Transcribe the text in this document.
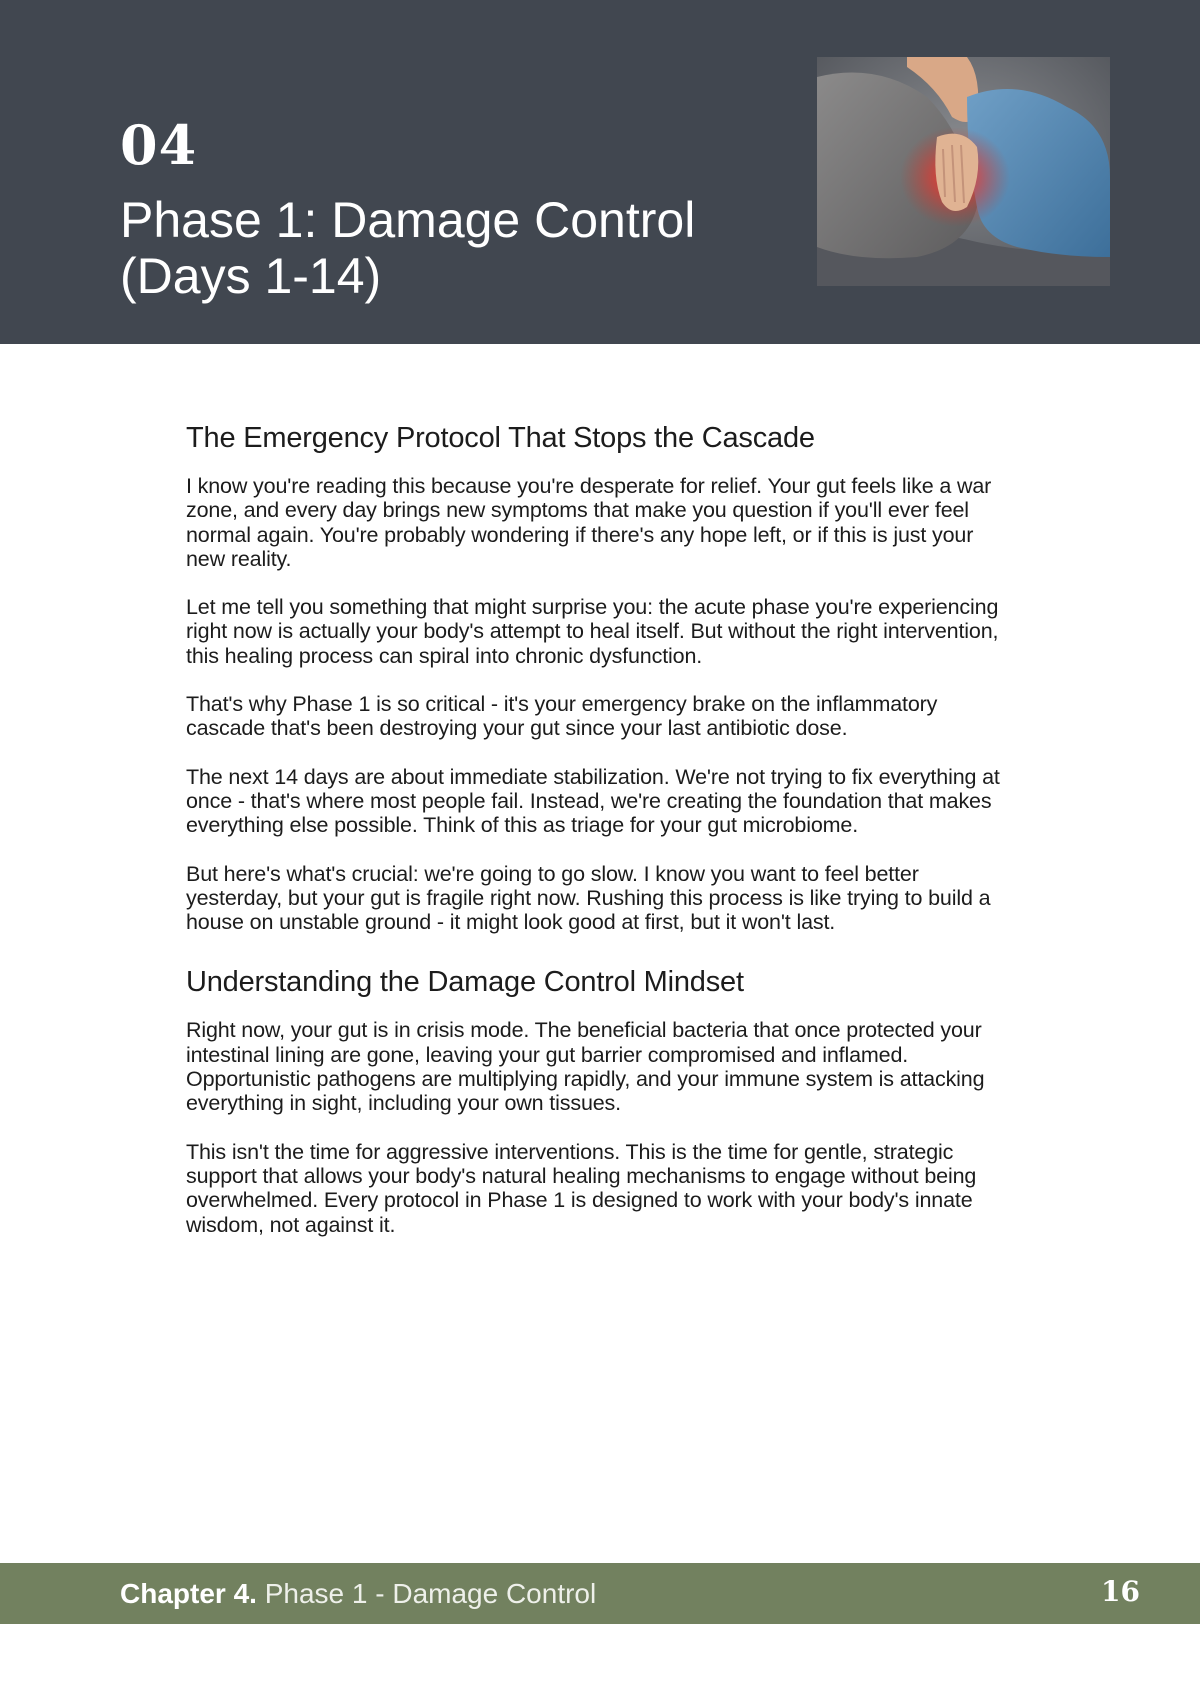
04
Phase 1: Damage Control
(Days 1-14)
The Emergency Protocol That Stops the Cascade

I know you're reading this because you're desperate for relief. Your gut feels like a war zone, and every day brings new symptoms that make you question if you'll ever feel normal again. You're probably wondering if there's any hope left, or if this is just your new reality.

Let me tell you something that might surprise you: the acute phase you're experiencing right now is actually your body's attempt to heal itself. But without the right intervention, this healing process can spiral into chronic dysfunction.

That's why Phase 1 is so critical - it's your emergency brake on the inflammatory cascade that's been destroying your gut since your last antibiotic dose.

The next 14 days are about immediate stabilization. We're not trying to fix everything at once - that's where most people fail. Instead, we're creating the foundation that makes everything else possible. Think of this as triage for your gut microbiome.

But here's what's crucial: we're going to go slow. I know you want to feel better yesterday, but your gut is fragile right now. Rushing this process is like trying to build a house on unstable ground - it might look good at first, but it won't last.

Understanding the Damage Control Mindset

Right now, your gut is in crisis mode. The beneficial bacteria that once protected your intestinal lining are gone, leaving your gut barrier compromised and inflamed. Opportunistic pathogens are multiplying rapidly, and your immune system is attacking everything in sight, including your own tissues.

This isn't the time for aggressive interventions. This is the time for gentle, strategic support that allows your body's natural healing mechanisms to engage without being overwhelmed. Every protocol in Phase 1 is designed to work with your body's innate wisdom, not against it.

Chapter 4. Phase 1 - Damage Control	16
